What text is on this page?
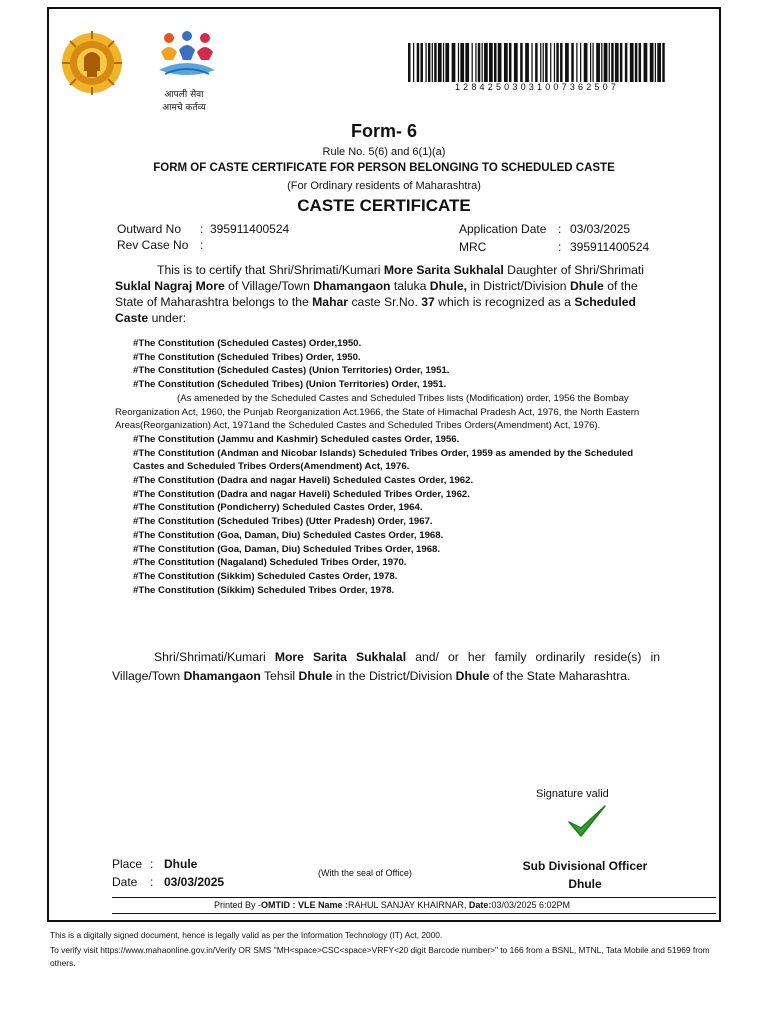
आपली सेवा
आमचे कर्तव्य
12842503031007362507
Form- 6
Rule No. 5(6) and 6(1)(a)
FORM OF CASTE CERTIFICATE FOR PERSON BELONGING TO SCHEDULED CASTE
(For Ordinary residents of Maharashtra)
CASTE CERTIFICATE
Outward No : 395911400524
Rev Case No :
Application Date : 03/03/2025
MRC	: 395911400524
This is to certify that Shri/Shrimati/Kumari More Sarita Sukhalal Daughter of Shri/Shrimati Suklal Nagraj More of Village/Town Dhamangaon taluka Dhule, in District/Division Dhule of the State of Maharashtra belongs to the Mahar caste Sr.No. 37 which is recognized as a Scheduled Caste under:
#The Constitution (Scheduled Castes) Order,1950.
#The Constitution (Scheduled Tribes) Order, 1950.
#The Constitution (Scheduled Castes) (Union Territories) Order, 1951.
#The Constitution (Scheduled Tribes) (Union Territories) Order, 1951.
(As ameneded by the Scheduled Castes and Scheduled Tribes lists (Modification) order, 1956 the Bombay Reorganization Act, 1960, the Punjab Reorganization Act.1966, the State of Himachal Pradesh Act, 1976, the North Eastern Areas(Reorganization) Act, 1971and the Scheduled Castes and Scheduled Tribes Orders(Amendment) Act, 1976).
#The Constitution (Jammu and Kashmir) Scheduled castes Order, 1956.
#The Constitution (Andman and Nicobar Islands) Scheduled Tribes Order, 1959 as amended by the Scheduled Castes and Scheduled Tribes Orders(Amendment) Act, 1976.
#The Constitution (Dadra and nagar Haveli) Scheduled Castes Order, 1962.
#The Constitution (Dadra and nagar Haveli) Scheduled Tribes Order, 1962.
#The Constitution (Pondicherry) Scheduled Castes Order, 1964.
#The Constitution (Scheduled Tribes) (Utter Pradesh) Order, 1967.
#The Constitution (Goa, Daman, Diu) Scheduled Castes Order, 1968.
#The Constitution (Goa, Daman, Diu) Scheduled Tribes Order, 1968.
#The Constitution (Nagaland) Scheduled Tribes Order, 1970.
#The Constitution (Sikkim) Scheduled Castes Order, 1978.
#The Constitution (Sikkim) Scheduled Tribes Order, 1978.
Shri/Shrimati/Kumari More Sarita Sukhalal and/ or her family ordinarily reside(s) in Village/Town Dhamangaon Tehsil Dhule in the District/Division Dhule of the State Maharashtra.
Signature valid
Place : Dhule
Date : 03/03/2025
(With the seal of Office)	Sub Divisional Officer
Dhule
Printed By -OMTID : VLE Name :RAHUL SANJAY KHAIRNAR, Date:03/03/2025 6:02PM
This is a digitally signed document, hence is legally valid as per the Information Technology (IT) Act, 2000.
To verify visit https://www.mahaonline.gov.in/Verify OR SMS "MH<space>CSC<space>VRFY<20 digit Barcode number>" to 166 from a BSNL, MTNL, Tata Mobile and 51969 from others.
